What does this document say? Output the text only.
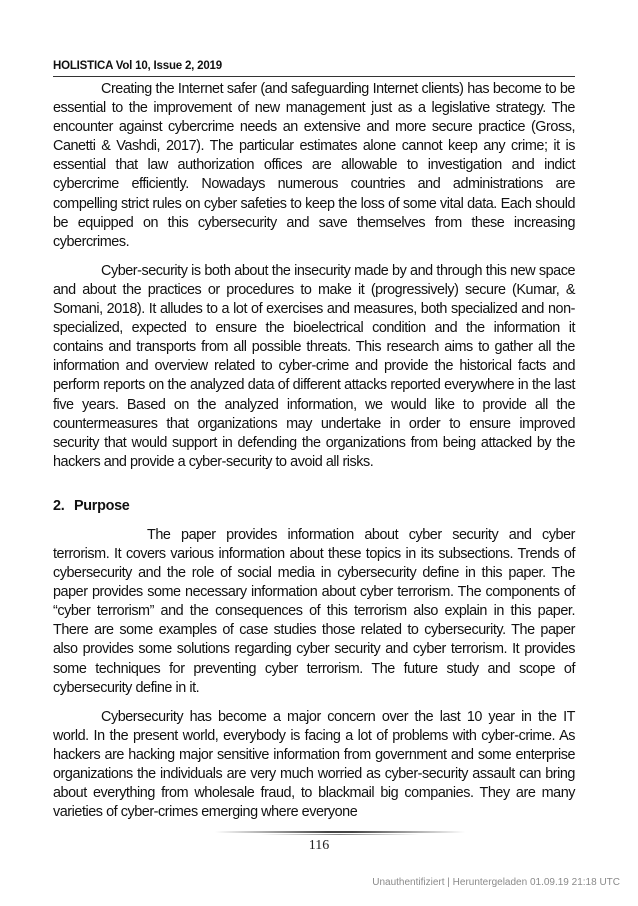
HOLISTICA Vol 10, Issue 2, 2019

Creating the Internet safer (and safeguarding Internet clients) has become to be essential to the improvement of new management just as a legislative strategy. The encounter against cybercrime needs an extensive and more secure practice (Gross, Canetti & Vashdi, 2017). The particular estimates alone cannot keep any crime; it is essential that law authorization offices are allowable to investigation and indict cybercrime efficiently. Nowadays numerous countries and administrations are compelling strict rules on cyber safeties to keep the loss of some vital data. Each should be equipped on this cybersecurity and save themselves from these increasing cybercrimes.

Cyber-security is both about the insecurity made by and through this new space and about the practices or procedures to make it (progressively) secure (Kumar, & Somani, 2018). It alludes to a lot of exercises and measures, both specialized and non-specialized, expected to ensure the bioelectrical condition and the information it contains and transports from all possible threats. This research aims to gather all the information and overview related to cyber-crime and provide the historical facts and perform reports on the analyzed data of different attacks reported everywhere in the last five years. Based on the analyzed information, we would like to provide all the countermeasures that organizations may undertake in order to ensure improved security that would support in defending the organizations from being attacked by the hackers and provide a cyber-security to avoid all risks.

2. Purpose

The paper provides information about cyber security and cyber terrorism. It covers various information about these topics in its subsections. Trends of cybersecurity and the role of social media in cybersecurity define in this paper. The paper provides some necessary information about cyber terrorism. The components of “cyber terrorism” and the consequences of this terrorism also explain in this paper. There are some examples of case studies those related to cybersecurity. The paper also provides some solutions regarding cyber security and cyber terrorism. It provides some techniques for preventing cyber terrorism. The future study and scope of cybersecurity define in it.

Cybersecurity has become a major concern over the last 10 year in the IT world. In the present world, everybody is facing a lot of problems with cyber-crime. As hackers are hacking major sensitive information from government and some enterprise organizations the individuals are very much worried as cyber-security assault can bring about everything from wholesale fraud, to blackmail big companies. They are many varieties of cyber-crimes emerging where everyone

116
Unauthentifiziert | Heruntergeladen 01.09.19 21:18 UTC
